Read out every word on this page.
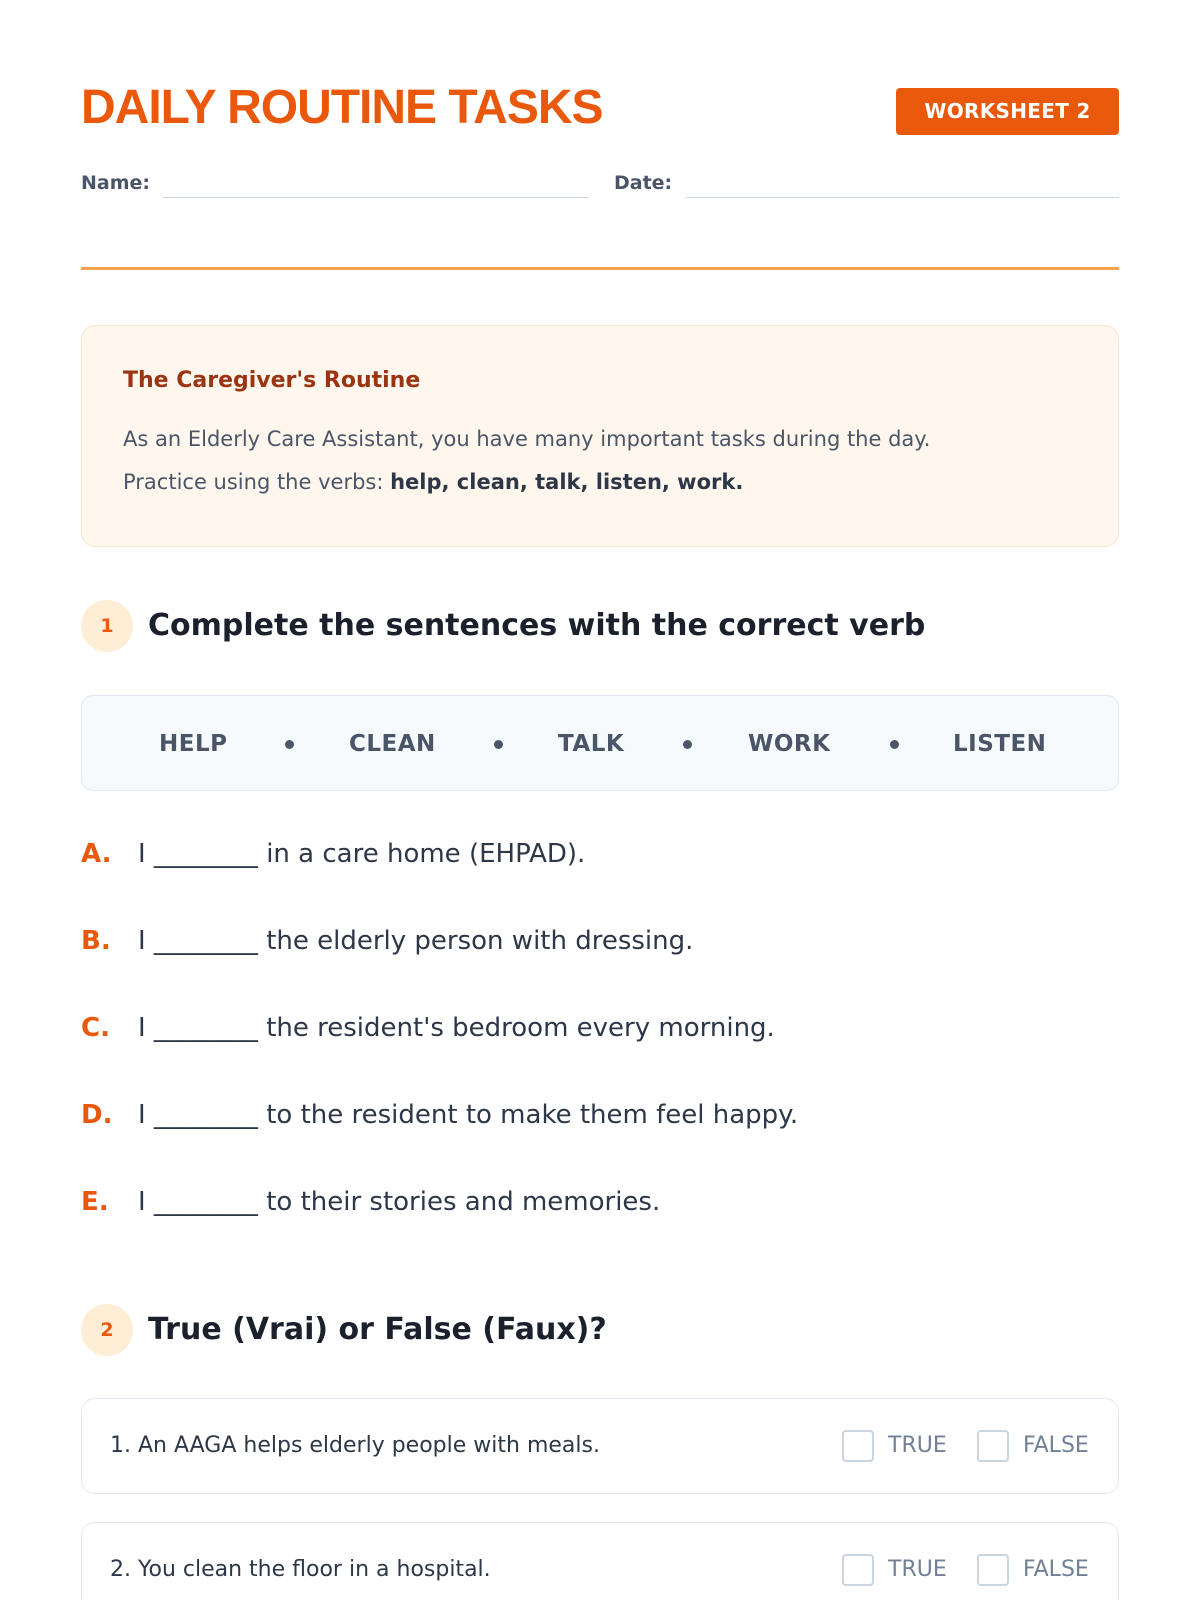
DAILY ROUTINE TASKS	WORKSHEET 2
Name:	Date:
The Caregiver's Routine
As an Elderly Care Assistant, you have many important tasks during the day.
Practice using the verbs: help, clean, talk, listen, work.
1	Complete the sentences with the correct verb
HELP	CLEAN	TALK	WORK	LISTEN
A. I ________ in a care home (EHPAD).
B. I ________ the elderly person with dressing.
C. I ________ the resident's bedroom every morning.
D. I ________ to the resident to make them feel happy.
E. I ________ to their stories and memories.
2	True (Vrai) or False (Faux)?
1. An AAGA helps elderly people with meals.	TRUE	FALSE
2. You clean the floor in a hospital.	TRUE	FALSE
